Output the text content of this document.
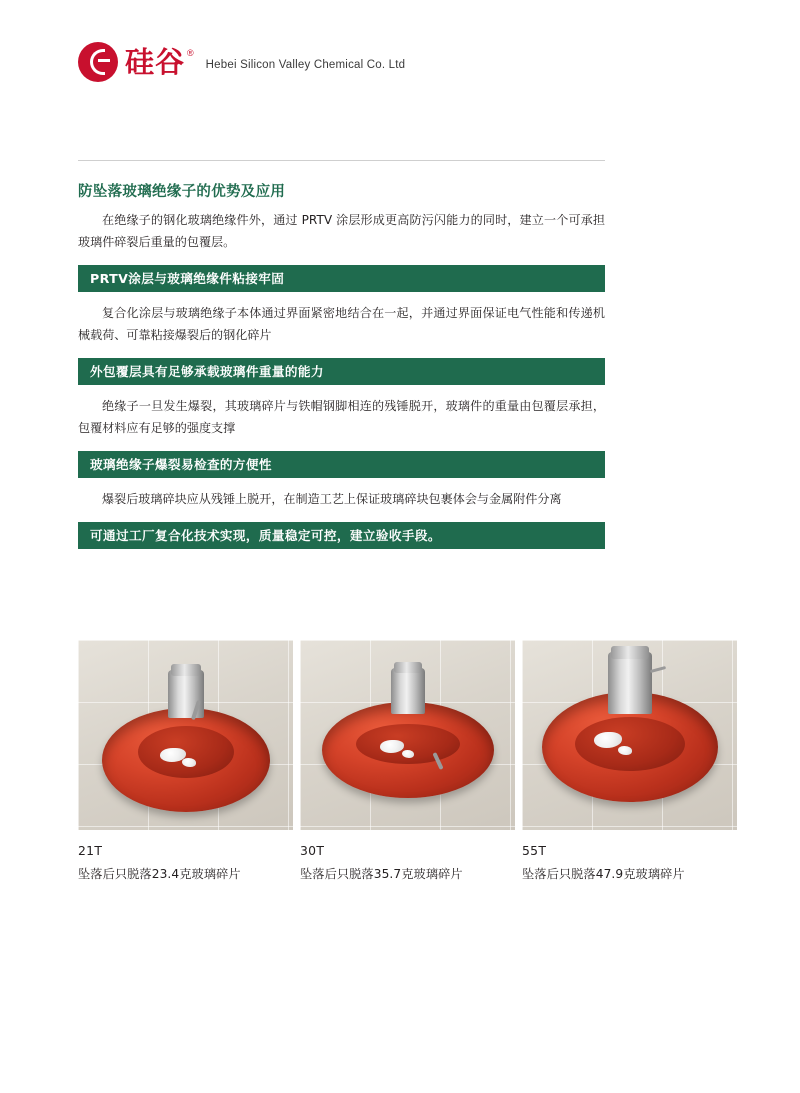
硅谷 ®
Hebei Silicon Valley Chemical Co. Ltd
防坠落玻璃绝缘子的优势及应用

在绝缘子的钢化玻璃绝缘件外，通过 PRTV 涂层形成更高防污闪能力的同时，建立一个可承担玻璃件碎裂后重量的包覆层。

PRTV涂层与玻璃绝缘件粘接牢固

复合化涂层与玻璃绝缘子本体通过界面紧密地结合在一起，并通过界面保证电气性能和传递机械载荷、可靠粘接爆裂后的钢化碎片

外包覆层具有足够承载玻璃件重量的能力

绝缘子一旦发生爆裂，其玻璃碎片与铁帽钢脚相连的残锤脱开，玻璃件的重量由包覆层承担，包覆材料应有足够的强度支撑

玻璃绝缘子爆裂易检查的方便性

爆裂后玻璃碎块应从残锤上脱开，在制造工艺上保证玻璃碎块包裹体会与金属附件分离

可通过工厂复合化技术实现，质量稳定可控，建立验收手段。
21T
坠落后只脱落23.4克玻璃碎片
30T
坠落后只脱落35.7克玻璃碎片
55T
坠落后只脱落47.9克玻璃碎片
